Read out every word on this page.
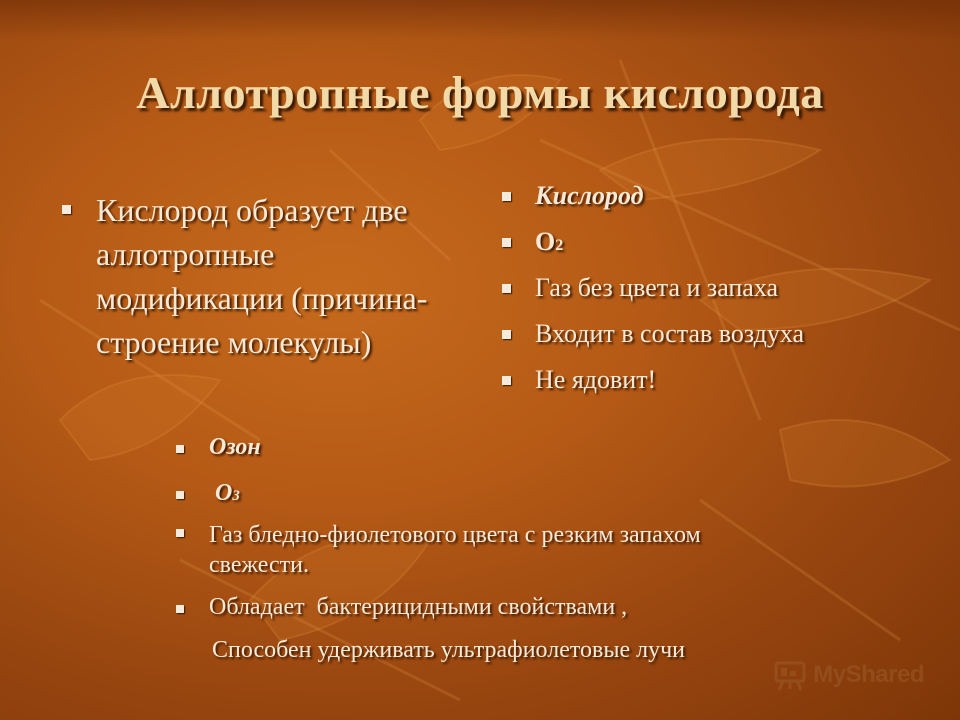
Аллотропные формы кислорода
Кислород образует две аллотропные модификации (причина- строение молекулы)
Кислород
O2
Газ без цвета и запаха
Входит в состав воздуха
Не ядовит!
Озон
O3
Газ бледно-фиолетового цвета с резким запахом свежести.
Обладает  бактерицидными свойствами ,
Способен удерживать ультрафиолетовые лучи
MyShared
